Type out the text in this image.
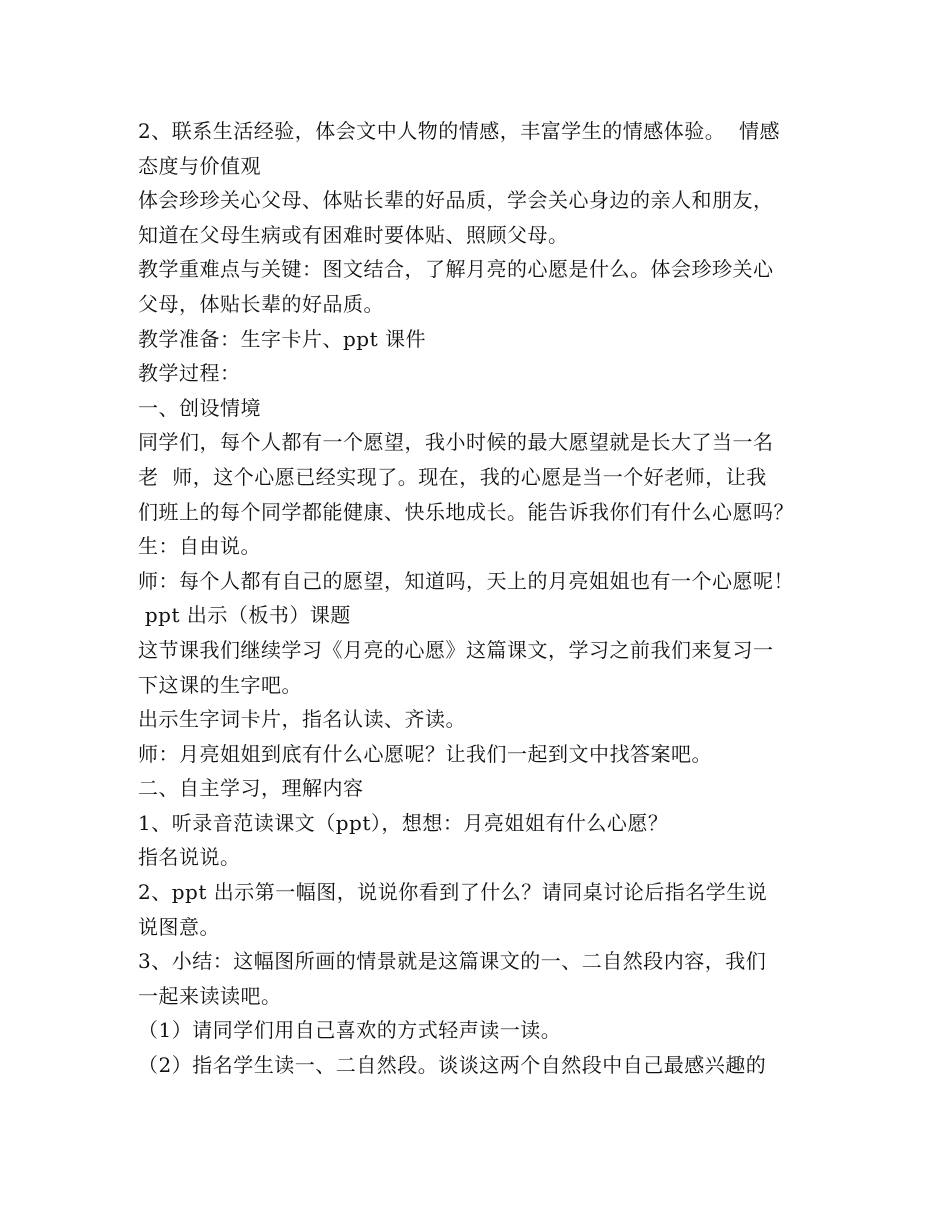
2、联系生活经验，体会文中人物的情感，丰富学生的情感体验。  情感
态度与价值观
体会珍珍关心父母、体贴长辈的好品质，学会关心身边的亲人和朋友，
知道在父母生病或有困难时要体贴、照顾父母。
教学重难点与关键：图文结合，了解月亮的心愿是什么。体会珍珍关心
父母，体贴长辈的好品质。
教学准备：生字卡片、ppt 课件
教学过程：
一、创设情境
同学们，每个人都有一个愿望，我小时候的最大愿望就是长大了当一名
老  师，这个心愿已经实现了。现在，我的心愿是当一个好老师，让我
们班上的每个同学都能健康、快乐地成长。能告诉我你们有什么心愿吗？
生：自由说。
师：每个人都有自己的愿望，知道吗，天上的月亮姐姐也有一个心愿呢！
ppt 出示（板书）课题
这节课我们继续学习《月亮的心愿》这篇课文，学习之前我们来复习一
下这课的生字吧。
出示生字词卡片，指名认读、齐读。
师：月亮姐姐到底有什么心愿呢？让我们一起到文中找答案吧。
二、自主学习，理解内容
1、听录音范读课文（ppt），想想：月亮姐姐有什么心愿？
指名说说。
2、ppt 出示第一幅图，说说你看到了什么？请同桌讨论后指名学生说
说图意。
3、小结：这幅图所画的情景就是这篇课文的一、二自然段内容，我们
一起来读读吧。
（1）请同学们用自己喜欢的方式轻声读一读。
（2）指名学生读一、二自然段。谈谈这两个自然段中自己最感兴趣的
